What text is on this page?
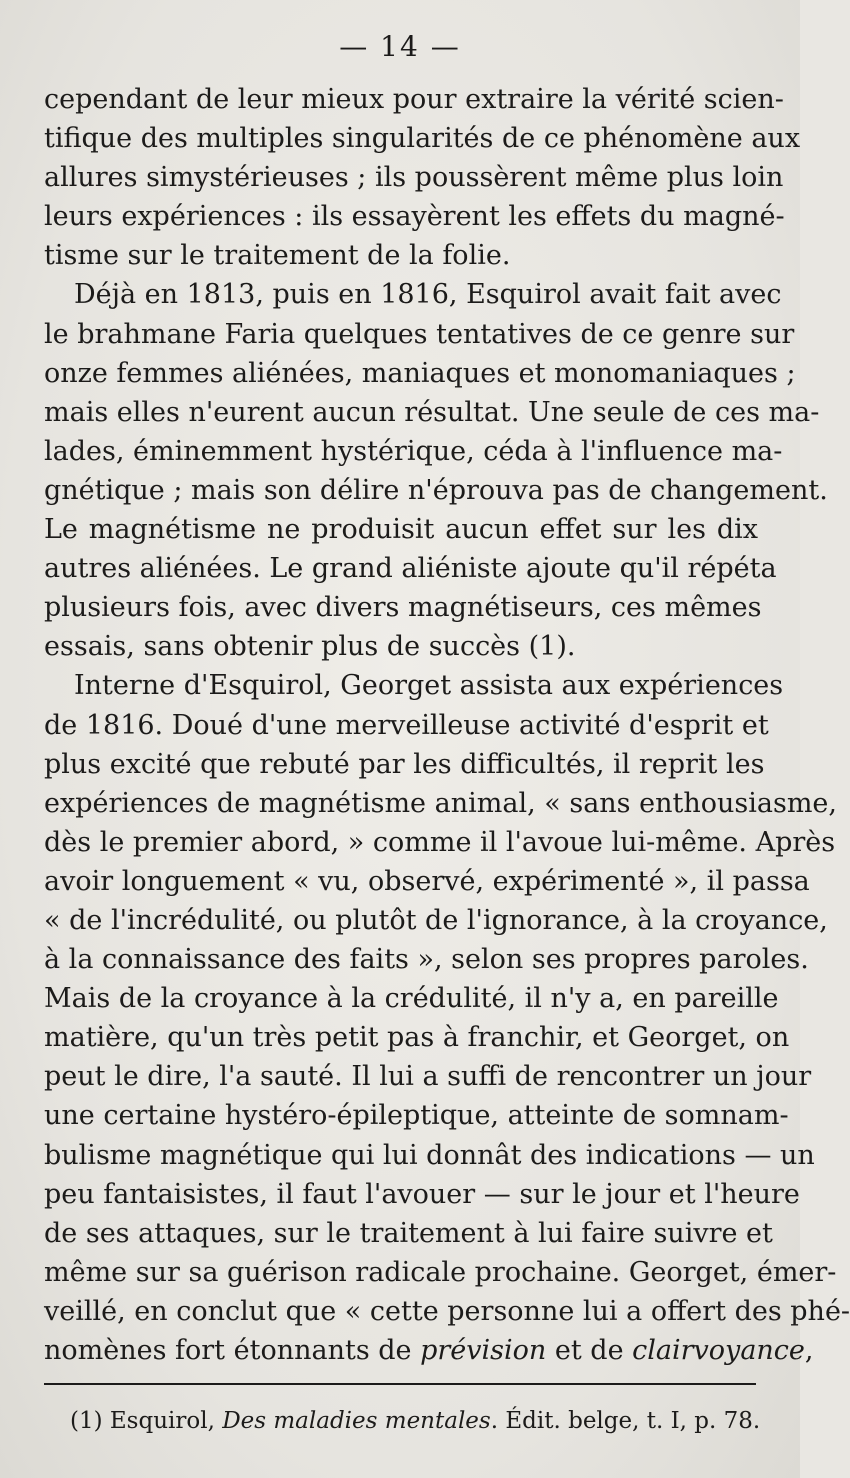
— 14 —
cependant de leur mieux pour extraire la vérité scien-
tifique des multiples singularités de ce phénomène aux
allures simystérieuses ; ils poussèrent même plus loin
leurs expériences : ils essayèrent les effets du magné-
tisme sur le traitement de la folie.
Déjà en 1813, puis en 1816, Esquirol avait fait avec
le brahmane Faria quelques tentatives de ce genre sur
onze femmes aliénées, maniaques et monomaniaques ;
mais elles n'eurent aucun résultat. Une seule de ces ma-
lades, éminemment hystérique, céda à l'influence ma-
gnétique ; mais son délire n'éprouva pas de changement.
Le magnétisme ne produisit aucun effet sur les dix
autres aliénées. Le grand aliéniste ajoute qu'il répéta
plusieurs fois, avec divers magnétiseurs, ces mêmes
essais, sans obtenir plus de succès (1).
Interne d'Esquirol, Georget assista aux expériences
de 1816. Doué d'une merveilleuse activité d'esprit et
plus excité que rebuté par les difficultés, il reprit les
expériences de magnétisme animal, « sans enthousiasme,
dès le premier abord, » comme il l'avoue lui-même. Après
avoir longuement « vu, observé, expérimenté », il passa
« de l'incrédulité, ou plutôt de l'ignorance, à la croyance,
à la connaissance des faits », selon ses propres paroles.
Mais de la croyance à la crédulité, il n'y a, en pareille
matière, qu'un très petit pas à franchir, et Georget, on
peut le dire, l'a sauté. Il lui a suffi de rencontrer un jour
une certaine hystéro-épileptique, atteinte de somnam-
bulisme magnétique qui lui donnât des indications — un
peu fantaisistes, il faut l'avouer — sur le jour et l'heure
de ses attaques, sur le traitement à lui faire suivre et
même sur sa guérison radicale prochaine. Georget, émer-
veillé, en conclut que « cette personne lui a offert des phé-
nomènes fort étonnants de prévision et de clairvoyance,
(1) Esquirol, Des maladies mentales. Édit. belge, t. I, p. 78.
